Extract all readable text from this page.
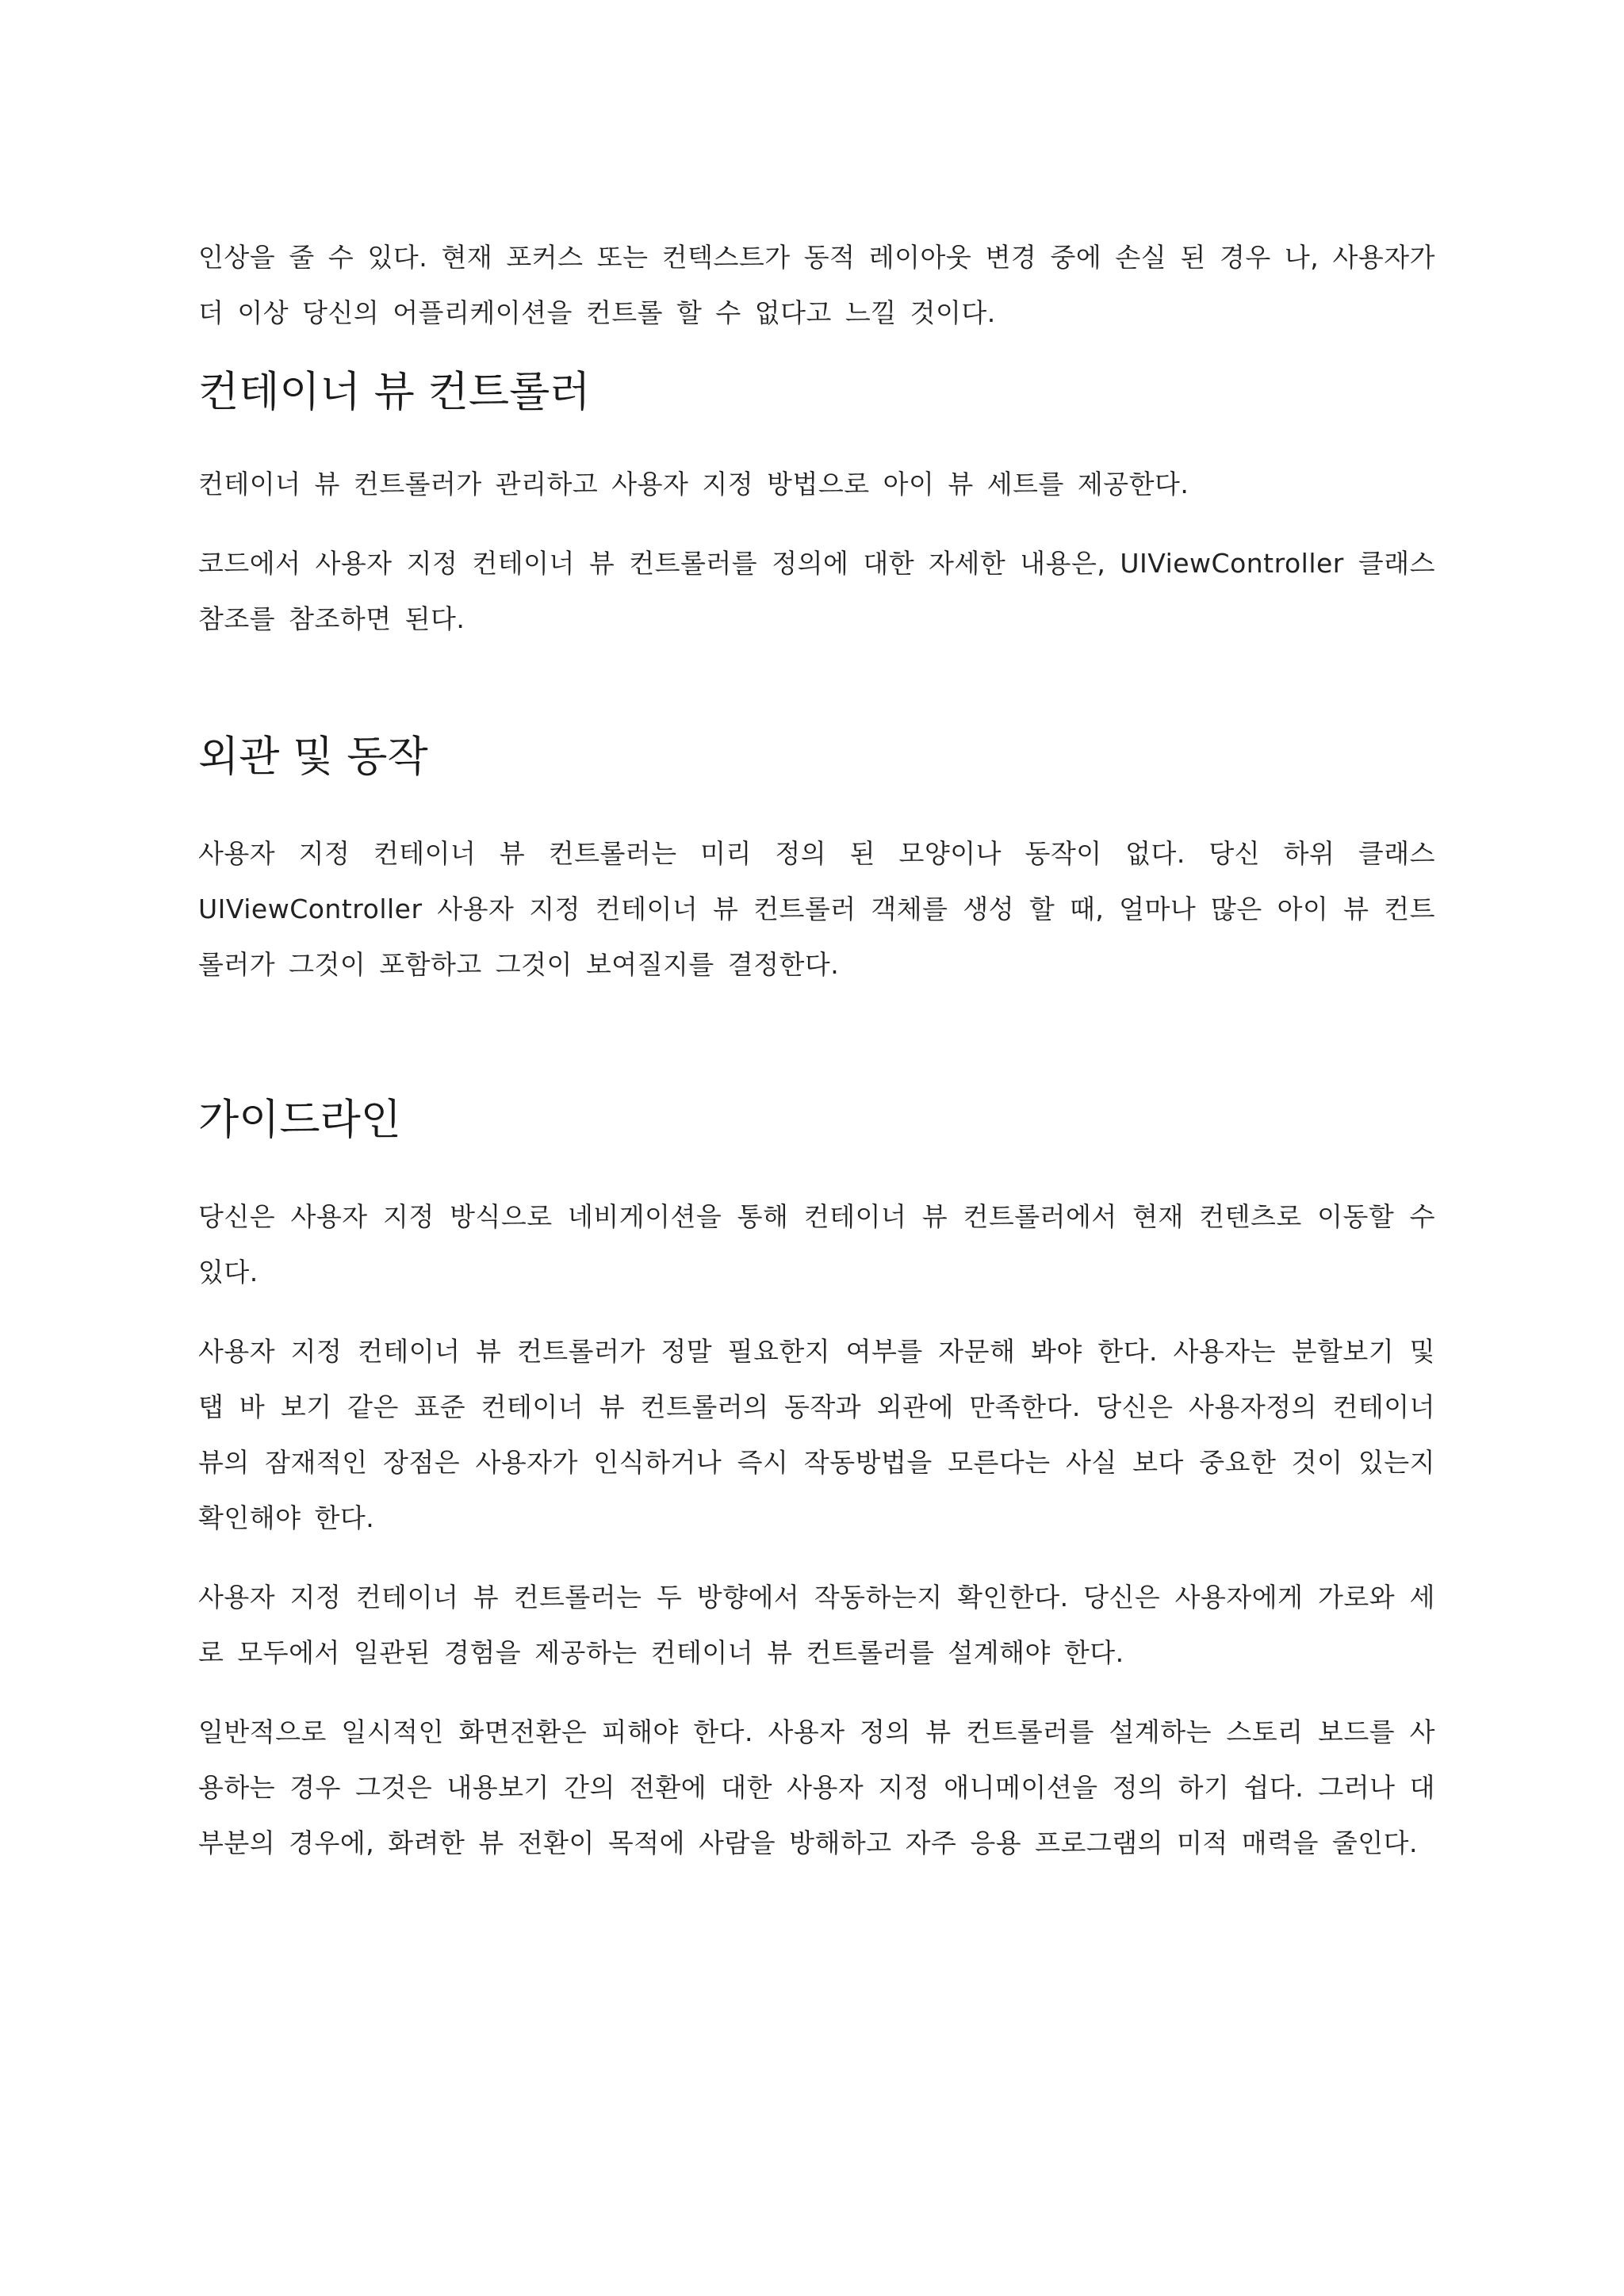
인상을 줄 수 있다. 현재 포커스 또는 컨텍스트가 동적 레이아웃 변경 중에 손실 된 경우 나, 사용자가 더 이상 당신의 어플리케이션을 컨트롤 할 수 없다고 느낄 것이다.

컨테이너 뷰 컨트롤러

컨테이너 뷰 컨트롤러가 관리하고 사용자 지정 방법으로 아이 뷰 세트를 제공한다.

코드에서 사용자 지정 컨테이너 뷰 컨트롤러를 정의에 대한 자세한 내용은, UIViewController 클래스 참조를 참조하면 된다.

외관 및 동작

사용자 지정 컨테이너 뷰 컨트롤러는 미리 정의 된 모양이나 동작이 없다. 당신 하위 클래스 UIViewController 사용자 지정 컨테이너 뷰 컨트롤러 객체를 생성 할 때, 얼마나 많은 아이 뷰 컨트롤러가 그것이 포함하고 그것이 보여질지를 결정한다.

가이드라인

당신은 사용자 지정 방식으로 네비게이션을 통해 컨테이너 뷰 컨트롤러에서 현재 컨텐츠로 이동할 수 있다.

사용자 지정 컨테이너 뷰 컨트롤러가 정말 필요한지 여부를 자문해 봐야 한다. 사용자는 분할보기 및 탭 바 보기 같은 표준 컨테이너 뷰 컨트롤러의 동작과 외관에 만족한다. 당신은 사용자정의 컨테이너 뷰의 잠재적인 장점은 사용자가 인식하거나 즉시 작동방법을 모른다는 사실 보다 중요한 것이 있는지 확인해야 한다.

사용자 지정 컨테이너 뷰 컨트롤러는 두 방향에서 작동하는지 확인한다. 당신은 사용자에게 가로와 세로 모두에서 일관된 경험을 제공하는 컨테이너 뷰 컨트롤러를 설계해야 한다.

일반적으로 일시적인 화면전환은 피해야 한다. 사용자 정의 뷰 컨트롤러를 설계하는 스토리 보드를 사용하는 경우 그것은 내용보기 간의 전환에 대한 사용자 지정 애니메이션을 정의 하기 쉽다. 그러나 대부분의 경우에, 화려한 뷰 전환이 목적에 사람을 방해하고 자주 응용 프로그램의 미적 매력을 줄인다.
